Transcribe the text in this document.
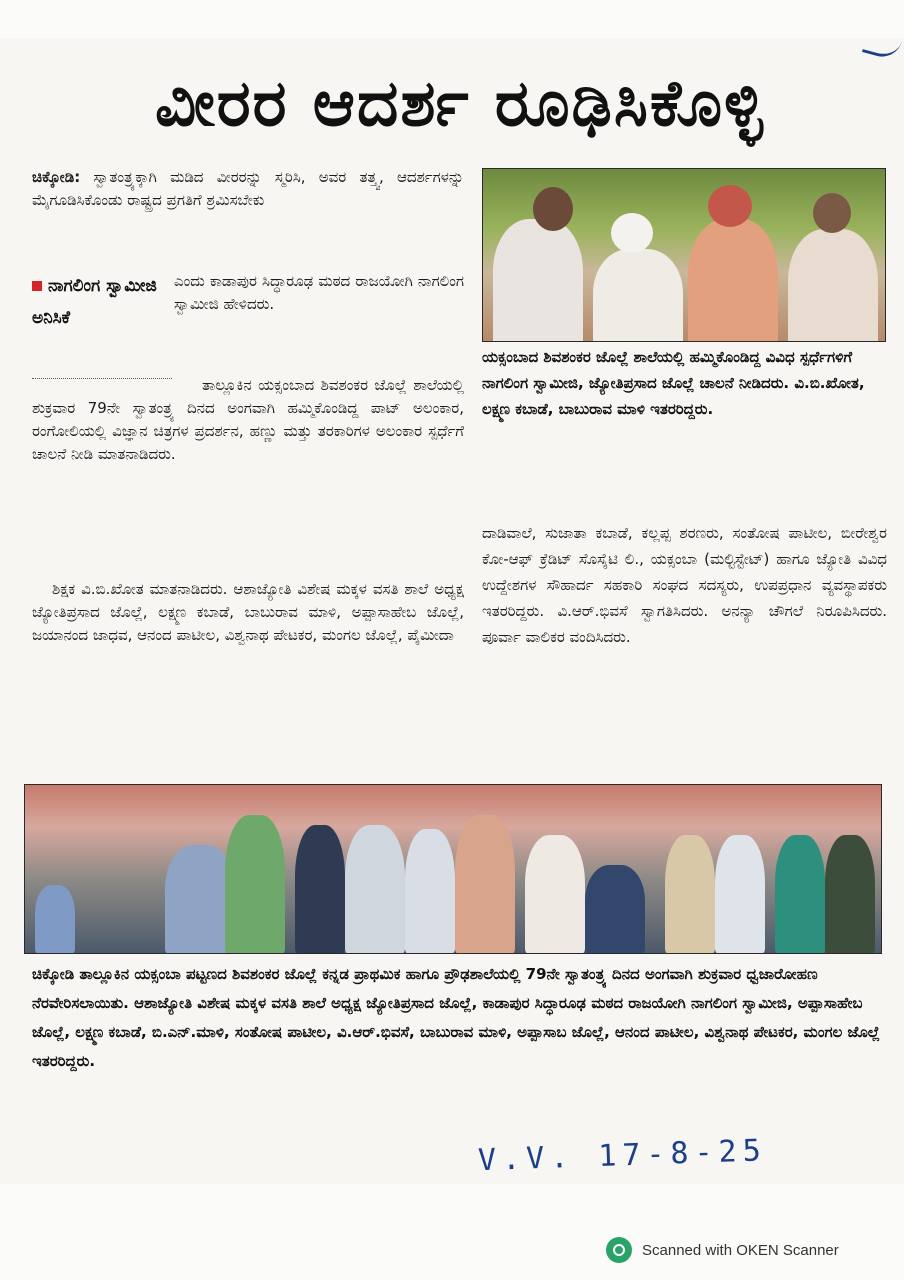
ವೀರರ ಆದರ್ಶ ರೂಢಿಸಿಕೊಳ್ಳಿ
ಚಿಕ್ಕೋಡಿ: ಸ್ವಾತಂತ್ರ್ಯಕ್ಕಾಗಿ ಮಡಿದ ವೀರರನ್ನು ಸ್ಮರಿಸಿ, ಅವರ ತತ್ತ್ವ, ಆದರ್ಶಗಳನ್ನು ಮೈಗೂಡಿಸಿಕೊಂಡು ರಾಷ್ಟ್ರದ ಪ್ರಗತಿಗೆ ಶ್ರಮಿಸಬೇಕು
ನಾಗಲಿಂಗ ಸ್ವಾಮೀಜಿ ಅನಿಸಿಕೆ
ಎಂದು ಕಾಡಾಪುರ ಸಿದ್ಧಾರೂಢ ಮಠದ ರಾಜಯೋಗಿ ನಾಗಲಿಂಗ ಸ್ವಾಮೀಜಿ ಹೇಳಿದರು.
ತಾಲ್ಲೂಕಿನ ಯಕ್ಸಂಬಾದ ಶಿವಶಂಕರ ಜೊಲ್ಲೆ ಶಾಲೆಯಲ್ಲಿ ಶುಕ್ರವಾರ 79ನೇ ಸ್ವಾತಂತ್ರ್ಯ ದಿನದ ಅಂಗವಾಗಿ ಹಮ್ಮಿಕೊಂಡಿದ್ದ ಪಾಟ್ ಅಲಂಕಾರ, ರಂಗೋಲಿಯಲ್ಲಿ ವಿಜ್ಞಾನ ಚಿತ್ರಗಳ ಪ್ರದರ್ಶನ, ಹಣ್ಣು ಮತ್ತು ತರಕಾರಿಗಳ ಅಲಂಕಾರ ಸ್ಪರ್ಧೆಗೆ ಚಾಲನೆ ನೀಡಿ ಮಾತನಾಡಿದರು.
ಶಿಕ್ಷಕ ವಿ.ಬಿ.ಖೋತ ಮಾತನಾಡಿದರು. ಆಶಾಜ್ಯೋತಿ ವಿಶೇಷ ಮಕ್ಕಳ ವಸತಿ ಶಾಲೆ ಅಧ್ಯಕ್ಷ ಜ್ಯೋತಿಪ್ರಸಾದ ಜೊಲ್ಲೆ, ಲಕ್ಷ್ಮಣ ಕಬಾಡೆ, ಬಾಬುರಾವ ಮಾಳಿ, ಅಪ್ಪಾಸಾಹೇಬ ಜೊಲ್ಲೆ, ಜಯಾನಂದ ಜಾಧವ, ಆನಂದ ಪಾಟೀಲ, ವಿಶ್ವನಾಥ ಪೇಟಕರ, ಮಂಗಲ ಜೊಲ್ಲೆ, ಪೈಮೀದಾ
ಯಕ್ಸಂಬಾದ ಶಿವಶಂಕರ ಜೊಲ್ಲೆ ಶಾಲೆಯಲ್ಲಿ ಹಮ್ಮಿಕೊಂಡಿದ್ದ ವಿವಿಧ ಸ್ಪರ್ಧೆಗಳಿಗೆ ನಾಗಲಿಂಗ ಸ್ವಾಮೀಜಿ, ಜ್ಯೋತಿಪ್ರಸಾದ ಜೊಲ್ಲೆ ಚಾಲನೆ ನೀಡಿದರು. ವಿ.ಬಿ.ಖೋತ, ಲಕ್ಷ್ಮಣ ಕಬಾಡೆ, ಬಾಬುರಾವ ಮಾಳಿ ಇತರರಿದ್ದರು.
ದಾಡಿವಾಲೆ, ಸುಜಾತಾ ಕಬಾಡೆ, ಕಲ್ಲಪ್ಪ ಶರಣರು, ಸಂತೋಷ ಪಾಟೀಲ, ಬೀರೇಶ್ವರ ಕೋ-ಆಫ್ ಕ್ರೆಡಿಟ್ ಸೊಸೈಟಿ ಲಿ., ಯಕ್ಸಂಬಾ (ಮಲ್ಟಿಸ್ಟೇಟ್) ಹಾಗೂ ಜ್ಯೋತಿ ವಿವಿಧ ಉದ್ದೇಶಗಳ ಸೌಹಾರ್ದ ಸಹಕಾರಿ ಸಂಘದ ಸದಸ್ಯರು, ಉಪಪ್ರಧಾನ ವ್ಯವಸ್ಥಾಪಕರು ಇತರರಿದ್ದರು. ವಿ.ಆರ್.ಭಿವಸೆ ಸ್ವಾಗತಿಸಿದರು. ಅನನ್ಯಾ ಚೌಗಲೆ ನಿರೂಪಿಸಿದರು. ಪೂರ್ವಾ ವಾಲಿಕರ ವಂದಿಸಿದರು.
ಚಿಕ್ಕೋಡಿ ತಾಲ್ಲೂಕಿನ ಯಕ್ಸಂಬಾ ಪಟ್ಟಣದ ಶಿವಶಂಕರ ಜೊಲ್ಲೆ ಕನ್ನಡ ಪ್ರಾಥಮಿಕ ಹಾಗೂ ಪ್ರೌಢಶಾಲೆಯಲ್ಲಿ 79ನೇ ಸ್ವಾತಂತ್ರ್ಯ ದಿನದ ಅಂಗವಾಗಿ ಶುಕ್ರವಾರ ಧ್ವಜಾರೋಹಣ ನೆರವೇರಿಸಲಾಯಿತು. ಆಶಾಜ್ಯೋತಿ ವಿಶೇಷ ಮಕ್ಕಳ ವಸತಿ ಶಾಲೆ ಅಧ್ಯಕ್ಷ ಜ್ಯೋತಿಪ್ರಸಾದ ಜೊಲ್ಲೆ, ಕಾಡಾಪುರ ಸಿದ್ಧಾರೂಢ ಮಠದ ರಾಜಯೋಗಿ ನಾಗಲಿಂಗ ಸ್ವಾಮೀಜಿ, ಅಪ್ಪಾಸಾಹೇಬ ಜೊಲ್ಲೆ, ಲಕ್ಷ್ಮಣ ಕಬಾಡೆ, ಬಿ.ಎನ್.ಮಾಳಿ, ಸಂತೋಷ ಪಾಟೀಲ, ವಿ.ಆರ್.ಭಿವಸೆ, ಬಾಬುರಾವ ಮಾಳಿ, ಅಪ್ಪಾಸಾಬ ಜೊಲ್ಲೆ, ಆನಂದ ಪಾಟೀಲ, ವಿಶ್ವನಾಥ ಪೇಟಕರ, ಮಂಗಲ ಜೊಲ್ಲೆ ಇತರರಿದ್ದರು.
V.V. 17-8-25
Scanned with OKEN Scanner
